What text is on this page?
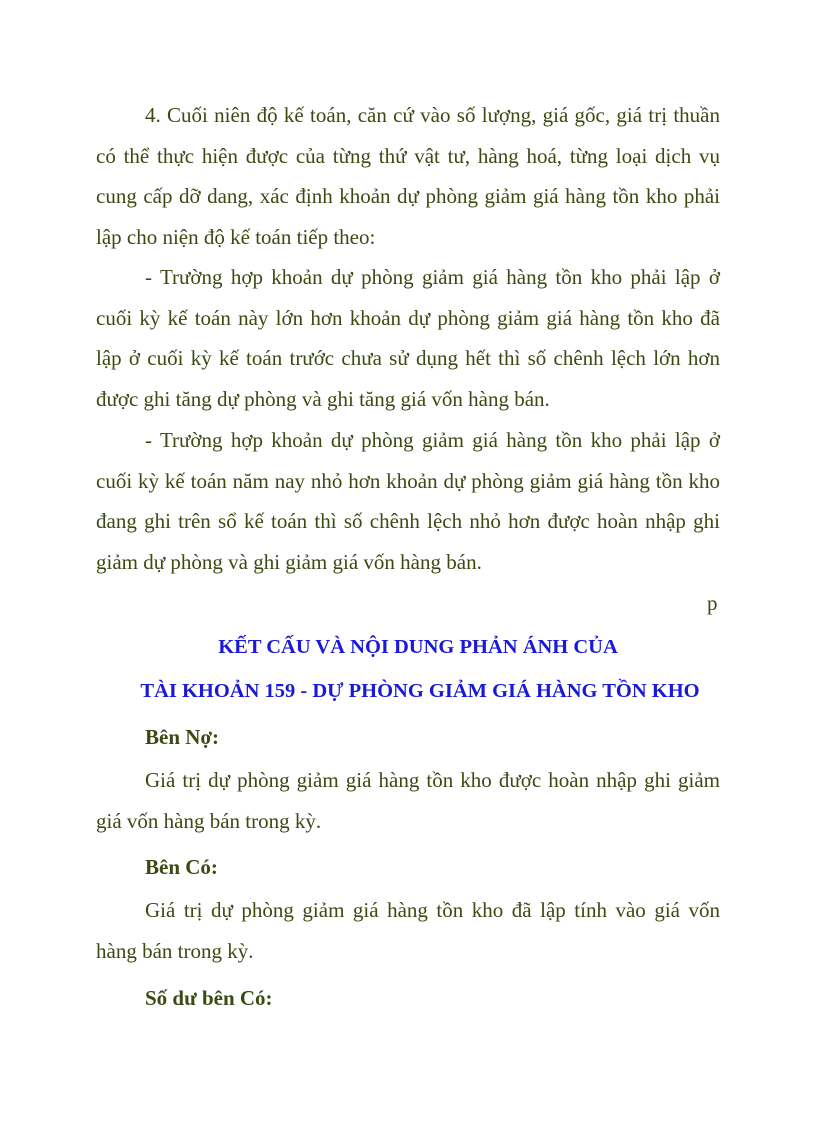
4. Cuối niên độ kế toán, căn cứ vào số lượng, giá gốc, giá trị thuần có thể thực hiện được của từng thứ vật tư, hàng hoá, từng loại dịch vụ cung cấp dỡ dang, xác định khoản dự phòng giảm giá hàng tồn kho phải lập cho niện độ kế toán tiếp theo:

- Trường hợp khoản dự phòng giảm giá hàng tồn kho phải lập ở cuối kỳ kế toán này lớn hơn khoản dự phòng giảm giá hàng tồn kho đã lập ở cuối kỳ kế toán trước chưa sử dụng hết thì số chênh lệch lớn hơn được ghi tăng dự phòng và ghi tăng giá vốn hàng bán.

- Trường hợp khoản dự phòng giảm giá hàng tồn kho phải lập ở cuối kỳ kế toán năm nay nhỏ hơn khoản dự phòng giảm giá hàng tồn kho đang ghi trên sổ kế toán thì số chênh lệch nhỏ hơn được hoàn nhập ghi giảm dự phòng và ghi giảm giá vốn hàng bán.

p

KẾT CẤU VÀ NỘI DUNG PHẢN ÁNH CỦA
TÀI KHOẢN 159 - DỰ PHÒNG GIẢM GIÁ HÀNG TỒN KHO

Bên Nợ:

Giá trị dự phòng giảm giá hàng tồn kho được hoàn nhập ghi giảm giá vốn hàng bán trong kỳ.

Bên Có:

Giá trị dự phòng giảm giá hàng tồn kho đã lập tính vào giá vốn hàng bán trong kỳ.

Số dư bên Có:
